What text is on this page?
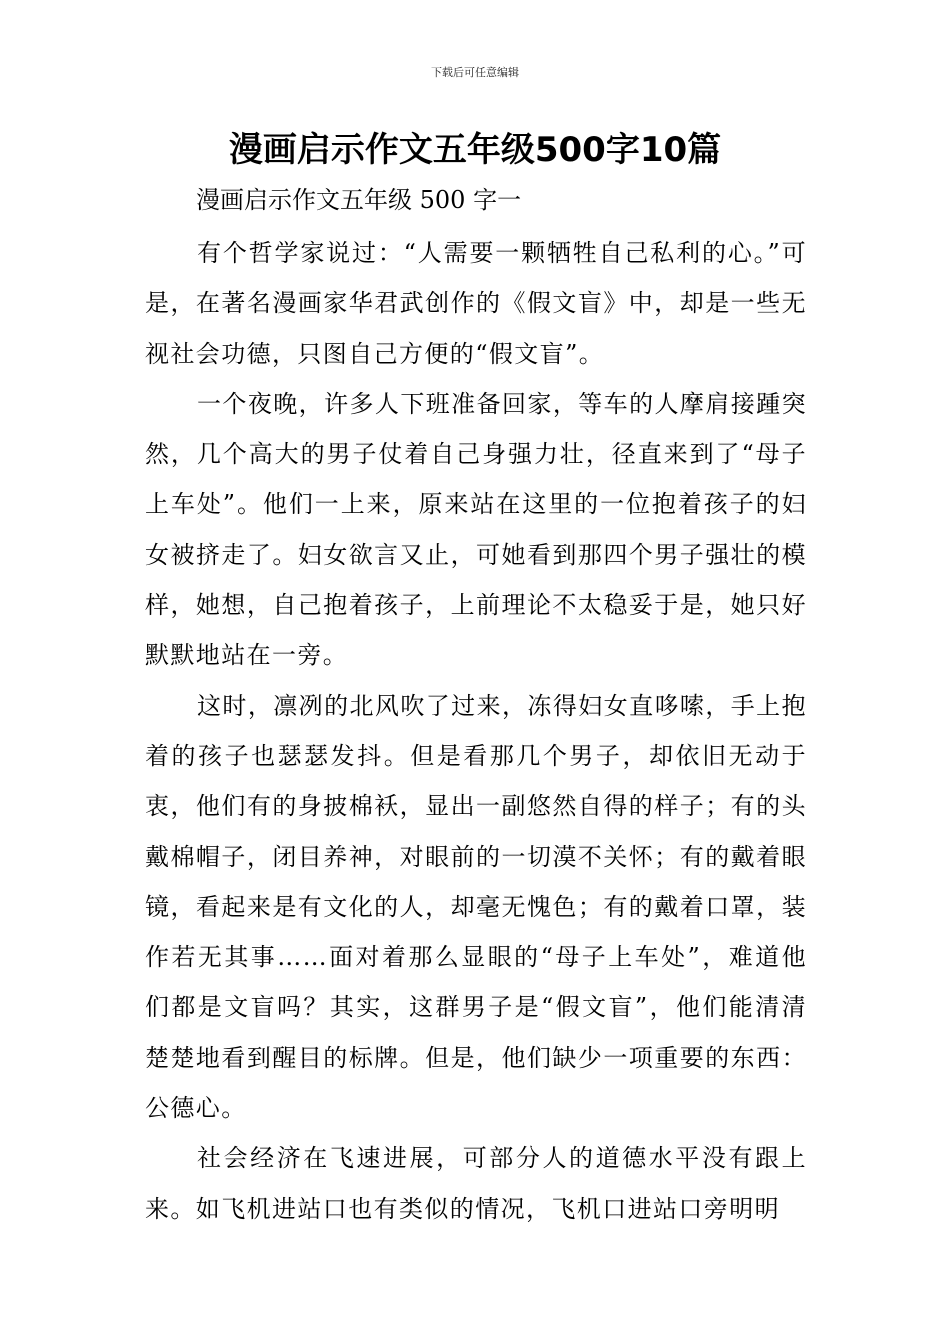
下载后可任意编辑
漫画启示作文五年级500字10篇

漫画启示作文五年级 500 字一

有个哲学家说过：“人需要一颗牺牲自己私利的心。”可是，在著名漫画家华君武创作的《假文盲》中，却是一些无视社会功德，只图自己方便的“假文盲”。

一个夜晚，许多人下班准备回家，等车的人摩肩接踵突然，几个高大的男子仗着自己身强力壮，径直来到了“母子上车处”。他们一上来，原来站在这里的一位抱着孩子的妇女被挤走了。妇女欲言又止，可她看到那四个男子强壮的模样，她想，自己抱着孩子，上前理论不太稳妥于是，她只好默默地站在一旁。

这时，凛冽的北风吹了过来，冻得妇女直哆嗦，手上抱着的孩子也瑟瑟发抖。但是看那几个男子，却依旧无动于衷，他们有的身披棉袄，显出一副悠然自得的样子；有的头戴棉帽子，闭目养神，对眼前的一切漠不关怀；有的戴着眼镜，看起来是有文化的人，却毫无愧色；有的戴着口罩，装作若无其事……面对着那么显眼的“母子上车处”，难道他们都是文盲吗？其实，这群男子是“假文盲”，他们能清清楚楚地看到醒目的标牌。但是，他们缺少一项重要的东西：公德心。

社会经济在飞速进展，可部分人的道德水平没有跟上来。如飞机进站口也有类似的情况，飞机口进站口旁明明
